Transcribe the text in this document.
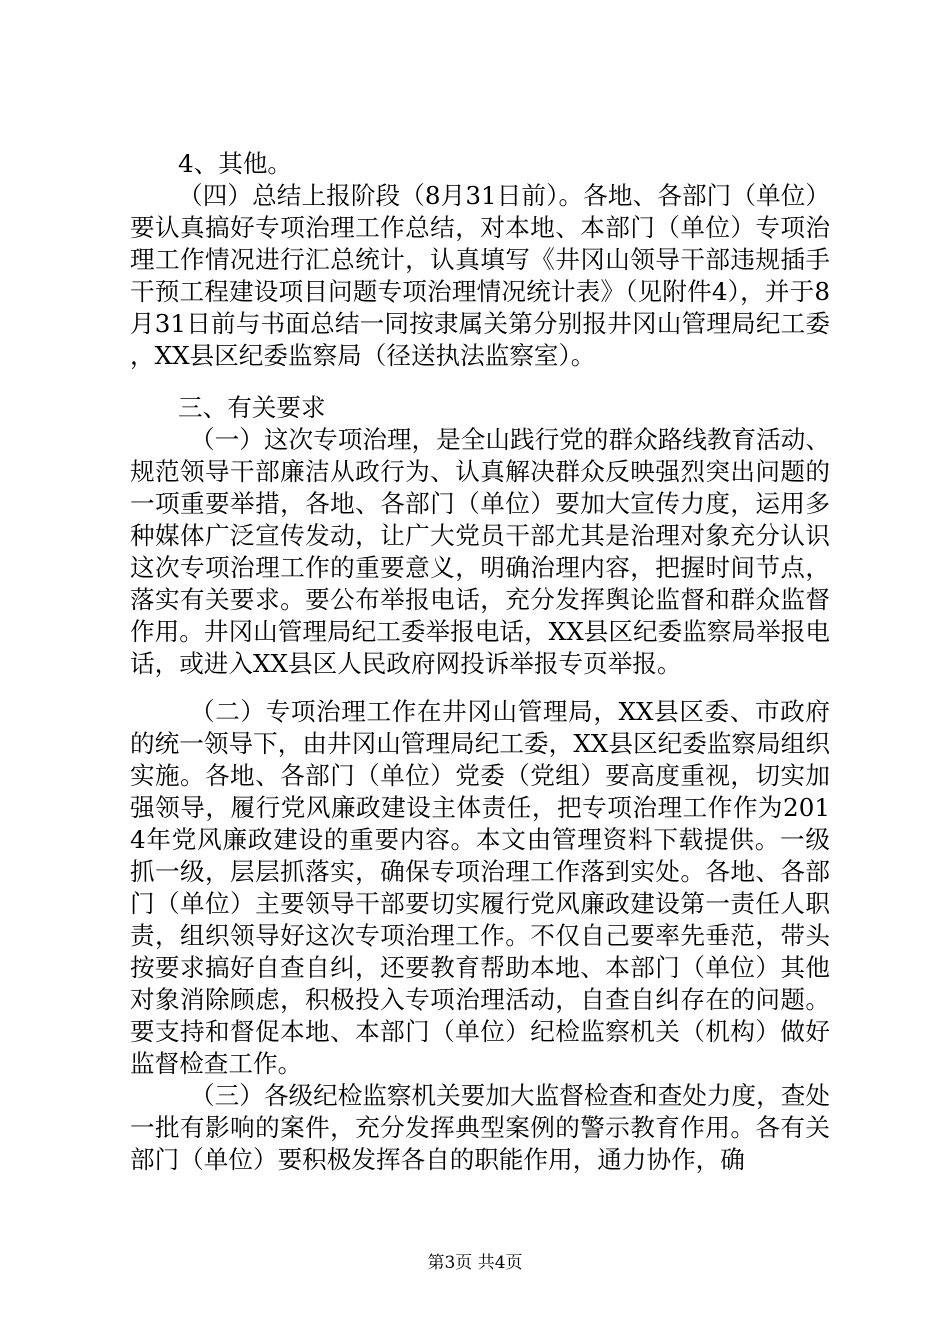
4、其他。

（四）总结上报阶段（8月31日前）。各地、各部门（单位）要认真搞好专项治理工作总结，对本地、本部门（单位）专项治理工作情况进行汇总统计，认真填写《井冈山领导干部违规插手干预工程建设项目问题专项治理情况统计表》（见附件4），并于8月31日前与书面总结一同按隶属关第分别报井冈山管理局纪工委，XX县区纪委监察局（径送执法监察室）。

三、有关要求

（一）这次专项治理，是全山践行党的群众路线教育活动、规范领导干部廉洁从政行为、认真解决群众反映强烈突出问题的一项重要举措，各地、各部门（单位）要加大宣传力度，运用多种媒体广泛宣传发动，让广大党员干部尤其是治理对象充分认识这次专项治理工作的重要意义，明确治理内容，把握时间节点，落实有关要求。要公布举报电话，充分发挥舆论监督和群众监督作用。井冈山管理局纪工委举报电话，XX县区纪委监察局举报电话，或进入XX县区人民政府网投诉举报专页举报。

（二）专项治理工作在井冈山管理局，XX县区委、市政府的统一领导下，由井冈山管理局纪工委，XX县区纪委监察局组织实施。各地、各部门（单位）党委（党组）要高度重视，切实加强领导，履行党风廉政建设主体责任，把专项治理工作作为2014年党风廉政建设的重要内容。本文由管理资料下载提供。一级抓一级，层层抓落实，确保专项治理工作落到实处。各地、各部门（单位）主要领导干部要切实履行党风廉政建设第一责任人职责，组织领导好这次专项治理工作。不仅自己要率先垂范，带头按要求搞好自查自纠，还要教育帮助本地、本部门（单位）其他对象消除顾虑，积极投入专项治理活动，自查自纠存在的问题。要支持和督促本地、本部门（单位）纪检监察机关（机构）做好监督检查工作。

（三）各级纪检监察机关要加大监督检查和查处力度，查处一批有影响的案件，充分发挥典型案例的警示教育作用。各有关部门（单位）要积极发挥各自的职能作用，通力协作，确

第3页 共4页
